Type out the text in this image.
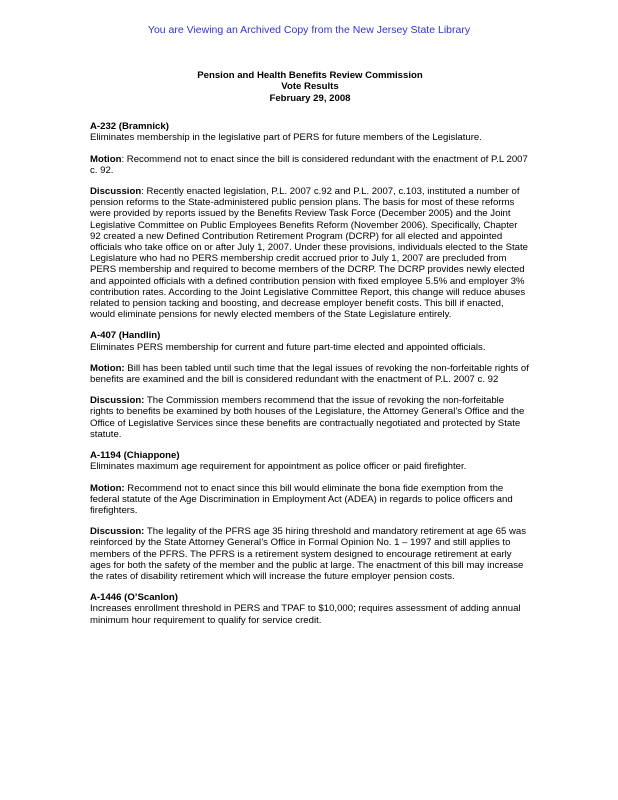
You are Viewing an Archived Copy from the New Jersey State Library
Pension and Health Benefits Review Commission
Vote Results
February 29, 2008
A-232 (Bramnick)

Eliminates membership in the legislative part of PERS for future members of the Legislature.

Motion: Recommend not to enact since the bill is considered redundant with the enactment of P.L 2007 c. 92.

Discussion: Recently enacted legislation, P.L. 2007 c.92 and P.L. 2007, c.103, instituted a number of pension reforms to the State-administered public pension plans. The basis for most of these reforms were provided by reports issued by the Benefits Review Task Force (December 2005) and the Joint Legislative Committee on Public Employees Benefits Reform (November 2006). Specifically, Chapter 92 created a new Defined Contribution Retirement Program (DCRP) for all elected and appointed officials who take office on or after July 1, 2007. Under these provisions, individuals elected to the State Legislature who had no PERS membership credit accrued prior to July 1, 2007 are precluded from PERS membership and required to become members of the DCRP. The DCRP provides newly elected and appointed officials with a defined contribution pension with fixed employee 5.5% and employer 3% contribution rates. According to the Joint Legislative Committee Report, this change will reduce abuses related to pension tacking and boosting, and decrease employer benefit costs. This bill if enacted, would eliminate pensions for newly elected members of the State Legislature entirely.

A-407 (Handlin)

Eliminates PERS membership for current and future part-time elected and appointed officials.

Motion: Bill has been tabled until such time that the legal issues of revoking the non-forfeitable rights of benefits are examined and the bill is considered redundant with the enactment of P.L. 2007 c. 92

Discussion: The Commission members recommend that the issue of revoking the non-forfeitable rights to benefits be examined by both houses of the Legislature, the Attorney General’s Office and the Office of Legislative Services since these benefits are contractually negotiated and protected by State statute.

A-1194 (Chiappone)

Eliminates maximum age requirement for appointment as police officer or paid firefighter.

Motion: Recommend not to enact since this bill would eliminate the bona fide exemption from the federal statute of the Age Discrimination in Employment Act (ADEA) in regards to police officers and firefighters.

Discussion: The legality of the PFRS age 35 hiring threshold and mandatory retirement at age 65 was reinforced by the State Attorney General’s Office in Formal Opinion No. 1 – 1997 and still applies to members of the PFRS. The PFRS is a retirement system designed to encourage retirement at early ages for both the safety of the member and the public at large. The enactment of this bill may increase the rates of disability retirement which will increase the future employer pension costs.

A-1446 (O’Scanlon)

Increases enrollment threshold in PERS and TPAF to $10,000; requires assessment of adding annual minimum hour requirement to qualify for service credit.
